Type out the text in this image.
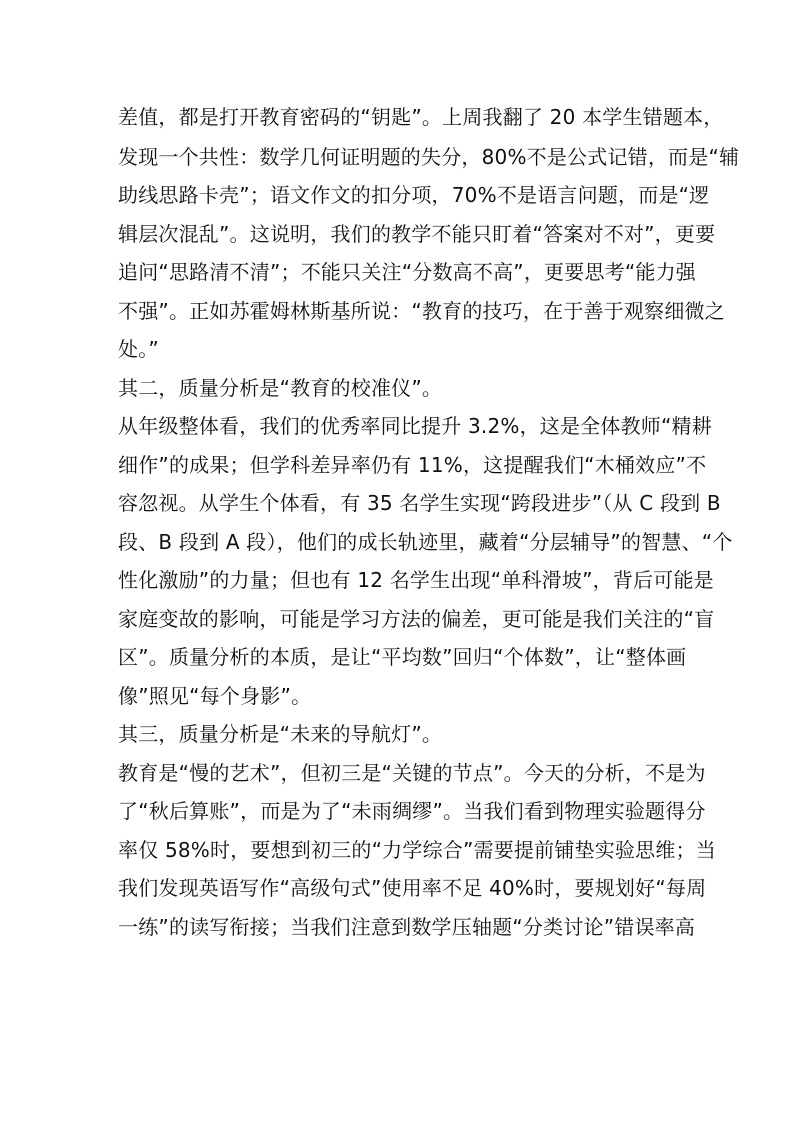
差值，都是打开教育密码的“钥匙”。上周我翻了 20 本学生错题本，
发现一个共性：数学几何证明题的失分，80%不是公式记错，而是“辅
助线思路卡壳”；语文作文的扣分项，70%不是语言问题，而是“逻
辑层次混乱”。这说明，我们的教学不能只盯着“答案对不对”，更要
追问“思路清不清”；不能只关注“分数高不高”，更要思考“能力强
不强”。正如苏霍姆林斯基所说：“教育的技巧，在于善于观察细微之
处。”
其二，质量分析是“教育的校准仪”。
从年级整体看，我们的优秀率同比提升 3.2%，这是全体教师“精耕
细作”的成果；但学科差异率仍有 11%，这提醒我们“木桶效应”不
容忽视。从学生个体看，有 35 名学生实现“跨段进步”（从 C 段到 B
段、B 段到 A 段），他们的成长轨迹里，藏着“分层辅导”的智慧、“个
性化激励”的力量；但也有 12 名学生出现“单科滑坡”，背后可能是
家庭变故的影响，可能是学习方法的偏差，更可能是我们关注的“盲
区”。质量分析的本质，是让“平均数”回归“个体数”，让“整体画
像”照见“每个身影”。
其三，质量分析是“未来的导航灯”。
教育是“慢的艺术”，但初三是“关键的节点”。今天的分析，不是为
了“秋后算账”，而是为了“未雨绸缪”。当我们看到物理实验题得分
率仅 58%时，要想到初三的“力学综合”需要提前铺垫实验思维；当
我们发现英语写作“高级句式”使用率不足 40%时，要规划好“每周
一练”的读写衔接；当我们注意到数学压轴题“分类讨论”错误率高
